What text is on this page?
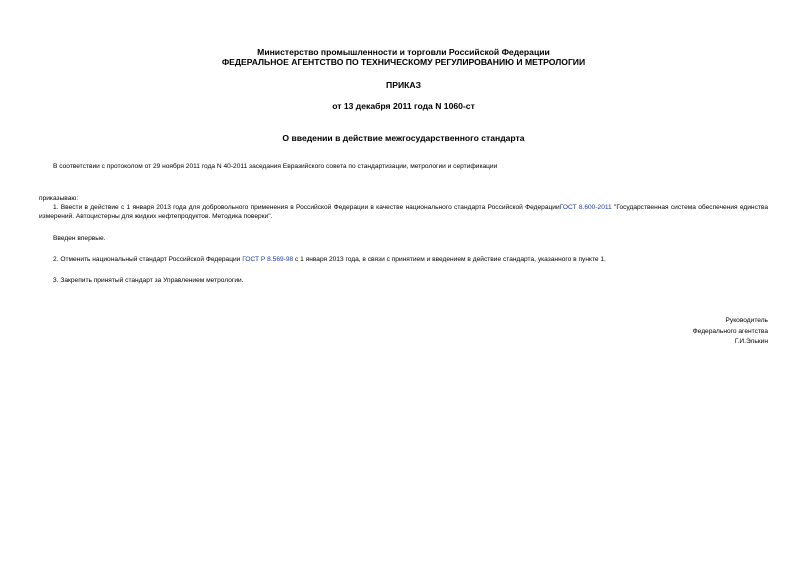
Министерство промышленности и торговли Российской Федерации
ФЕДЕРАЛЬНОЕ АГЕНТСТВО ПО ТЕХНИЧЕСКОМУ РЕГУЛИРОВАНИЮ И МЕТРОЛОГИИ
ПРИКАЗ
от 13 декабря 2011 года N 1060-ст
О введении в действие межгосударственного стандарта
В соответствии с протоколом от 29 ноября 2011 года N 40-2011 заседания Евразийского совета по стандартизации, метрологии и сертификации
приказываю:
1. Ввести в действие с 1 января 2013 года для добровольного применения в Российской Федерации в качестве национального стандарта Российской ФедерацииГОСТ 8.600-2011 "Государственная система обеспечения единства измерений. Автоцистерны для жидких нефтепродуктов. Методика поверки".
Введен впервые.
2. Отменить национальный стандарт Российской Федерации ГОСТ Р 8.569-98 с 1 января 2013 года, в связи с принятием и введением в действие стандарта, указанного в пункте 1.
3. Закрепить принятый стандарт за Управлением метрологии.
Руководитель
Федерального агентства
Г.И.Элькин
